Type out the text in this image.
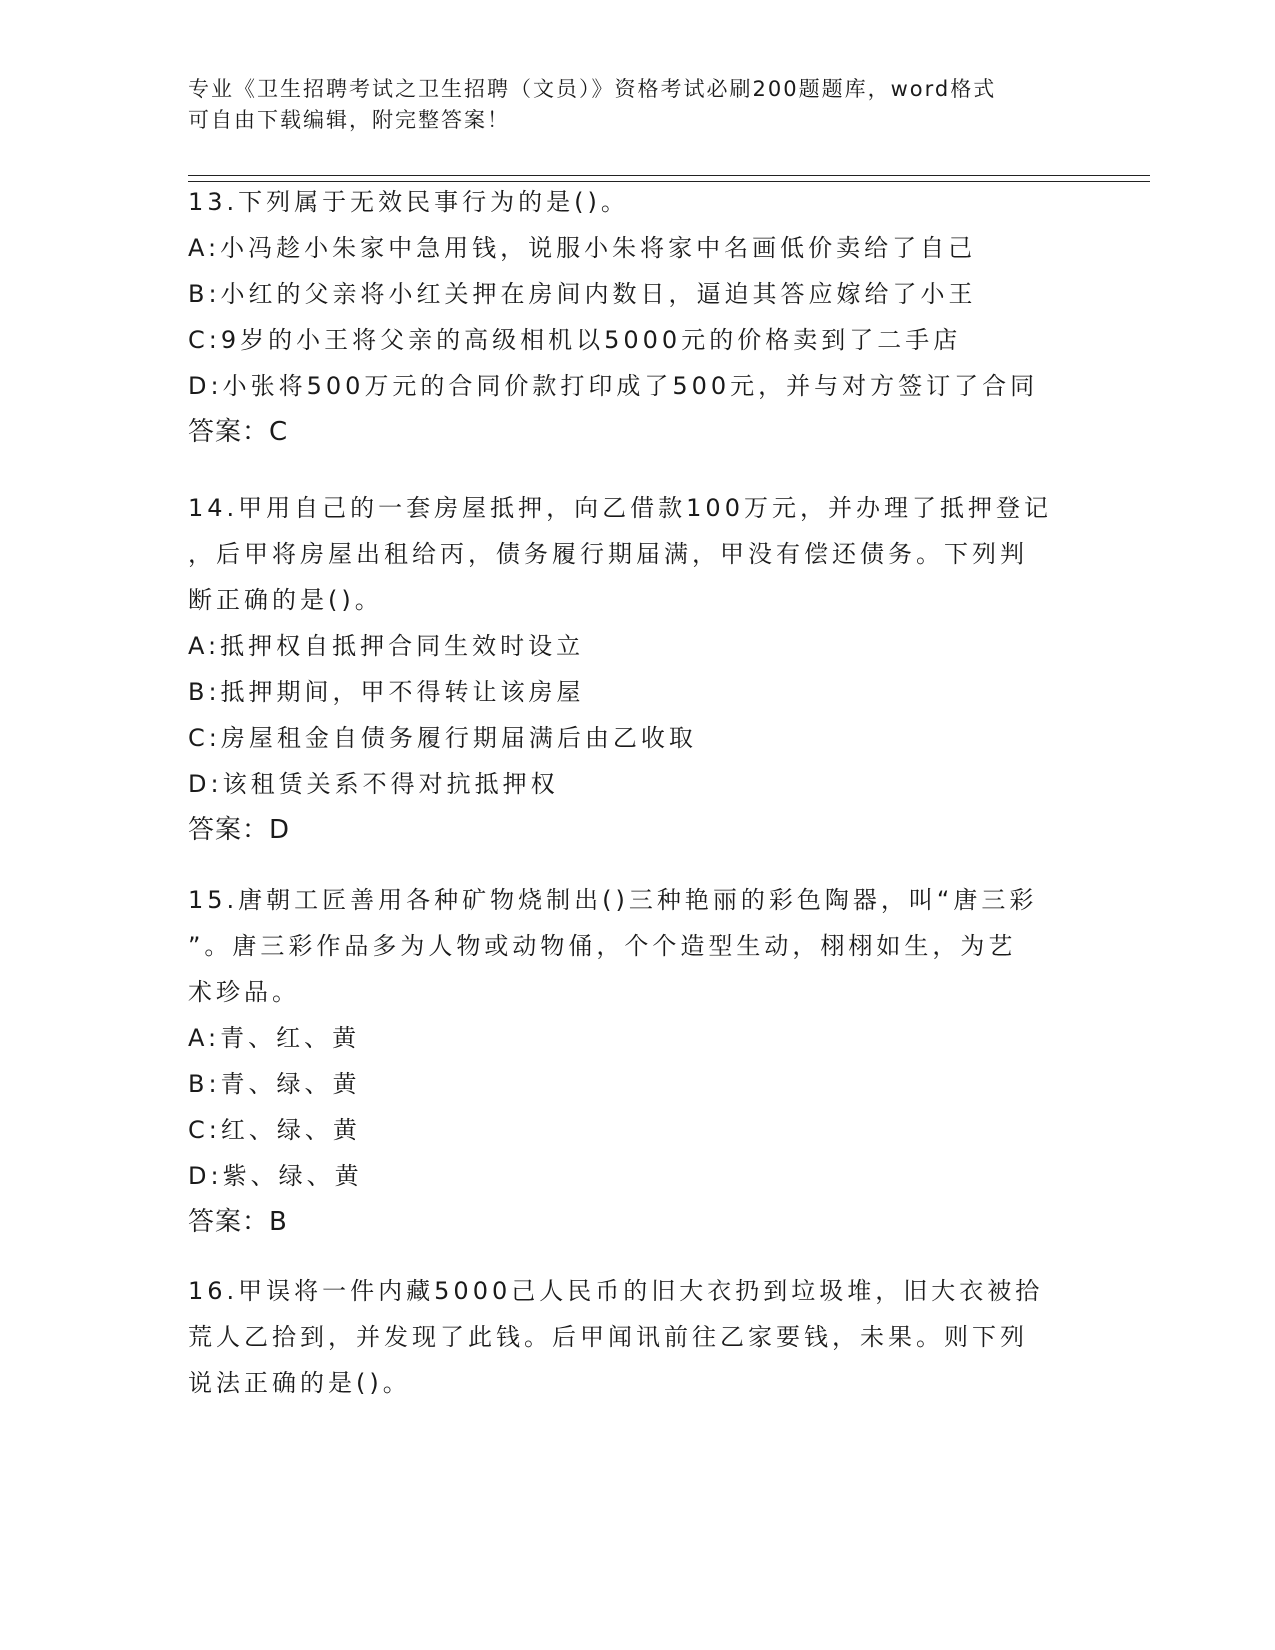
专业《卫生招聘考试之卫生招聘（文员）》资格考试必刷200题题库，word格式
可自由下载编辑，附完整答案！
13.下列属于无效民事行为的是()。
A:小冯趁小朱家中急用钱，说服小朱将家中名画低价卖给了自己
B:小红的父亲将小红关押在房间内数日，逼迫其答应嫁给了小王
C:9岁的小王将父亲的高级相机以5000元的价格卖到了二手店
D:小张将500万元的合同价款打印成了500元，并与对方签订了合同
答案：C
14.甲用自己的一套房屋抵押，向乙借款100万元，并办理了抵押登记
，后甲将房屋出租给丙，债务履行期届满，甲没有偿还债务。下列判
断正确的是()。
A:抵押权自抵押合同生效时设立
B:抵押期间，甲不得转让该房屋
C:房屋租金自债务履行期届满后由乙收取
D:该租赁关系不得对抗抵押权
答案：D
15.唐朝工匠善用各种矿物烧制出()三种艳丽的彩色陶器，叫“唐三彩
”。唐三彩作品多为人物或动物俑，个个造型生动，栩栩如生，为艺
术珍品。
A:青、红、黄
B:青、绿、黄
C:红、绿、黄
D:紫、绿、黄
答案：B
16.甲误将一件内藏5000己人民币的旧大衣扔到垃圾堆，旧大衣被拾
荒人乙拾到，并发现了此钱。后甲闻讯前往乙家要钱，未果。则下列
说法正确的是()。
